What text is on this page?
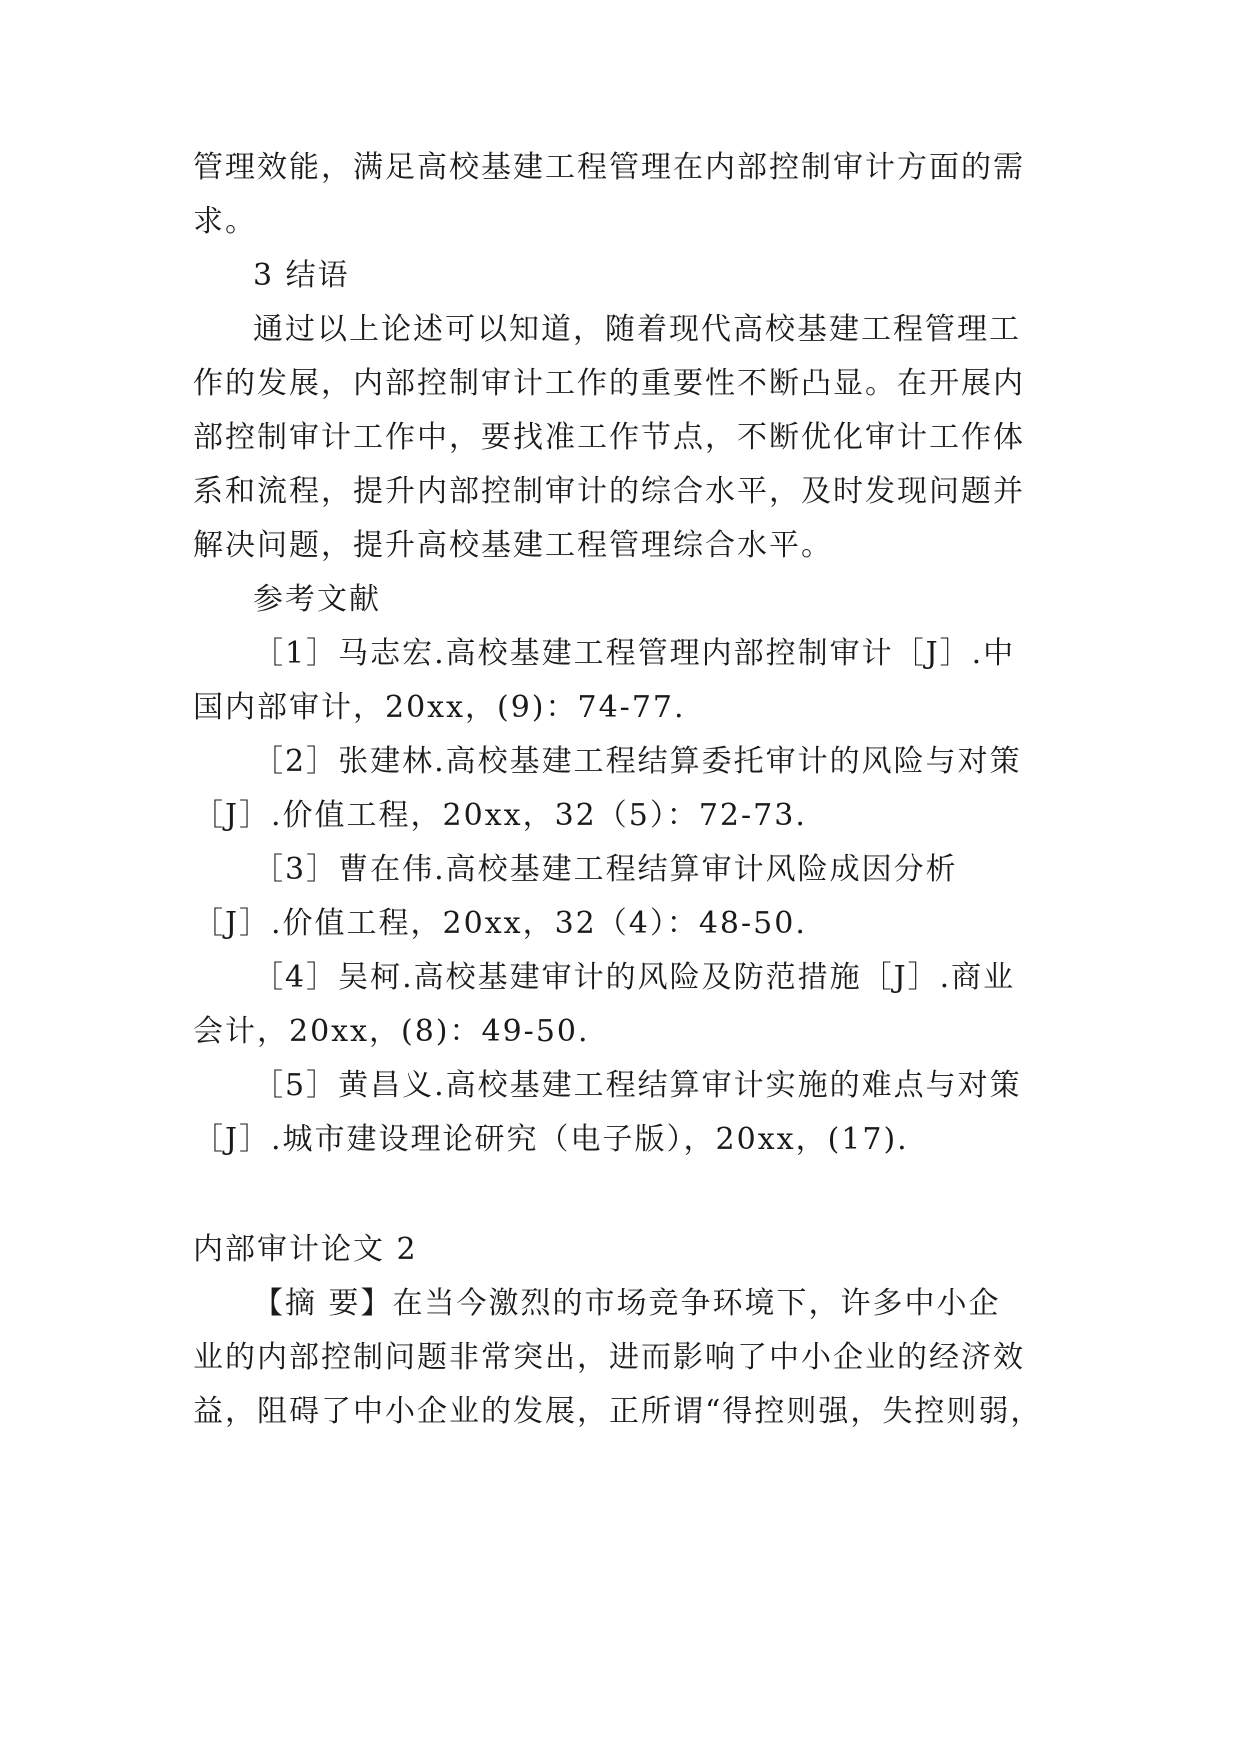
管理效能，满足高校基建工程管理在内部控制审计方面的需
求。
3 结语
通过以上论述可以知道，随着现代高校基建工程管理工
作的发展，内部控制审计工作的重要性不断凸显。在开展内
部控制审计工作中，要找准工作节点，不断优化审计工作体
系和流程，提升内部控制审计的综合水平，及时发现问题并
解决问题，提升高校基建工程管理综合水平。
参考文献
［1］马志宏.高校基建工程管理内部控制审计［J］.中
国内部审计，20xx，(9)：74-77.
［2］张建林.高校基建工程结算委托审计的风险与对策
［J］.价值工程，20xx，32（5）：72-73.
［3］曹在伟.高校基建工程结算审计风险成因分析
［J］.价值工程，20xx，32（4）：48-50.
［4］吴柯.高校基建审计的风险及防范措施［J］.商业
会计，20xx，(8)：49-50.
［5］黄昌义.高校基建工程结算审计实施的难点与对策
［J］.城市建设理论研究（电子版），20xx，(17).
内部审计论文 2
【摘 要】在当今激烈的市场竞争环境下，许多中小企
业的内部控制问题非常突出，进而影响了中小企业的经济效
益，阻碍了中小企业的发展，正所谓“得控则强，失控则弱，
